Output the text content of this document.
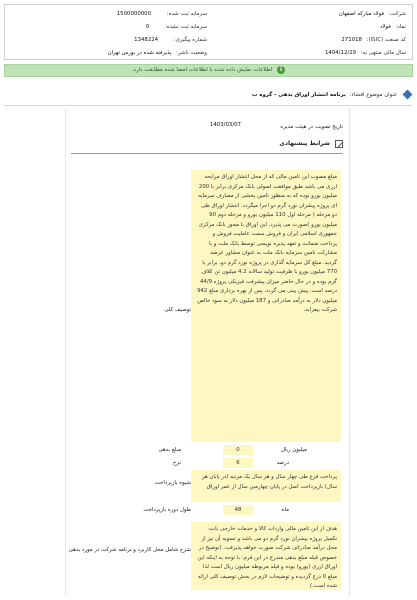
شرکت: فولاد مبارکه اصفهان
نماد: فولاد
کد صنعت (ISIC): 271018
سال مالی منتهی به: 1404/12/29
سرمایه ثبت شده: 1500000000
سرمایه ثبت نشده: 0
شماره پیگیری: 1348224
وضعیت ناشر: پذیرفته شده در بورس تهران
i اطلاعات نمایش داده شده با اطلاعات امضا شده مطابقت دارد.
عنوان موضوع افشاء: برنامه انتشار اوراق بدهی - گروه ب
تاریخ تصویب در هیئت مدیره
1403/03/07
شرایط پیشنهادی
توصیف کلی
مبلغ مصوب این تامین مالی که از محل انتشار اوراق مرابحه ارزی می باشد طبق موافقت اصولی بانک مرکزی برابر با 200 میلیون یورو بوده که به منظور تامین بخشی از مصارف سرمایه ای پروژه پیشران نورد گرم دو اجرا میگردد. انتشار اوراق طی دو مرحله ( مرحله اول 110 میلیون یورو و مرحله دوم 90 میلیون یورو )صورت می پذیرد. این اوراق با مجوز بانک مرکزی جمهوری اسلامی ایران و فروش سمت عاملیت فروش و پرداخت ضمانت و تعهد پذیره نویسی توسط بانک ملت و با مشارکت تامین سرمایه بانک ملت به عنوان مشاور عرضه گردید. مبلغ کل سرمایه گذاری در پروژه نورد گرم دو، برابر با 770 میلیون یورو با ظرفیت تولید سالانه 4.2 میلیون تن کلاف گرم بوده و در حال حاضر میزان پیشرفت فیزیکی پروژه 44/9 درصد است. پیش بینی می گردد، پس از بهره برداری مبلغ 942 میلیون دلار به درآمد صادراتی و 187 میلیون دلار به سود خالص شرکت بیفزاید.
مبلغ بدهی	0	میلیون ریال
نرخ	6	درصد
شیوه بازپرداخت
پرداخت فرع طی چهار سال و هر سال یک مرتبه (در پایان هر سال) بازپرداخت اصل در پایان چهارمین سال از عمر اوراق
طول دوره بازپرداخت	48	ماه
شرح شامل محل کاربرد و برنامه شرکت در مورد بدهی
هدف از این تامین مالی واردات کالا و خدمات خارجی بابت تکمیل پروژه پیشران نورد گرم دو می باشد و تسویه آن نیز از محل درآمد صادراتی شرکت صورت خواهد پذیرفت. (توضیح در خصوص قبله مبلغ بدهی مندرج در این فرم: با توجه به اینکه این اوراق ارزی (یورو) بوده و فیلد مربوطه میلیون ریال است لذا مبلغ 0 درج گردیده و توضیحات لازم در بخش توصیف کلی ارائه شده است.)
